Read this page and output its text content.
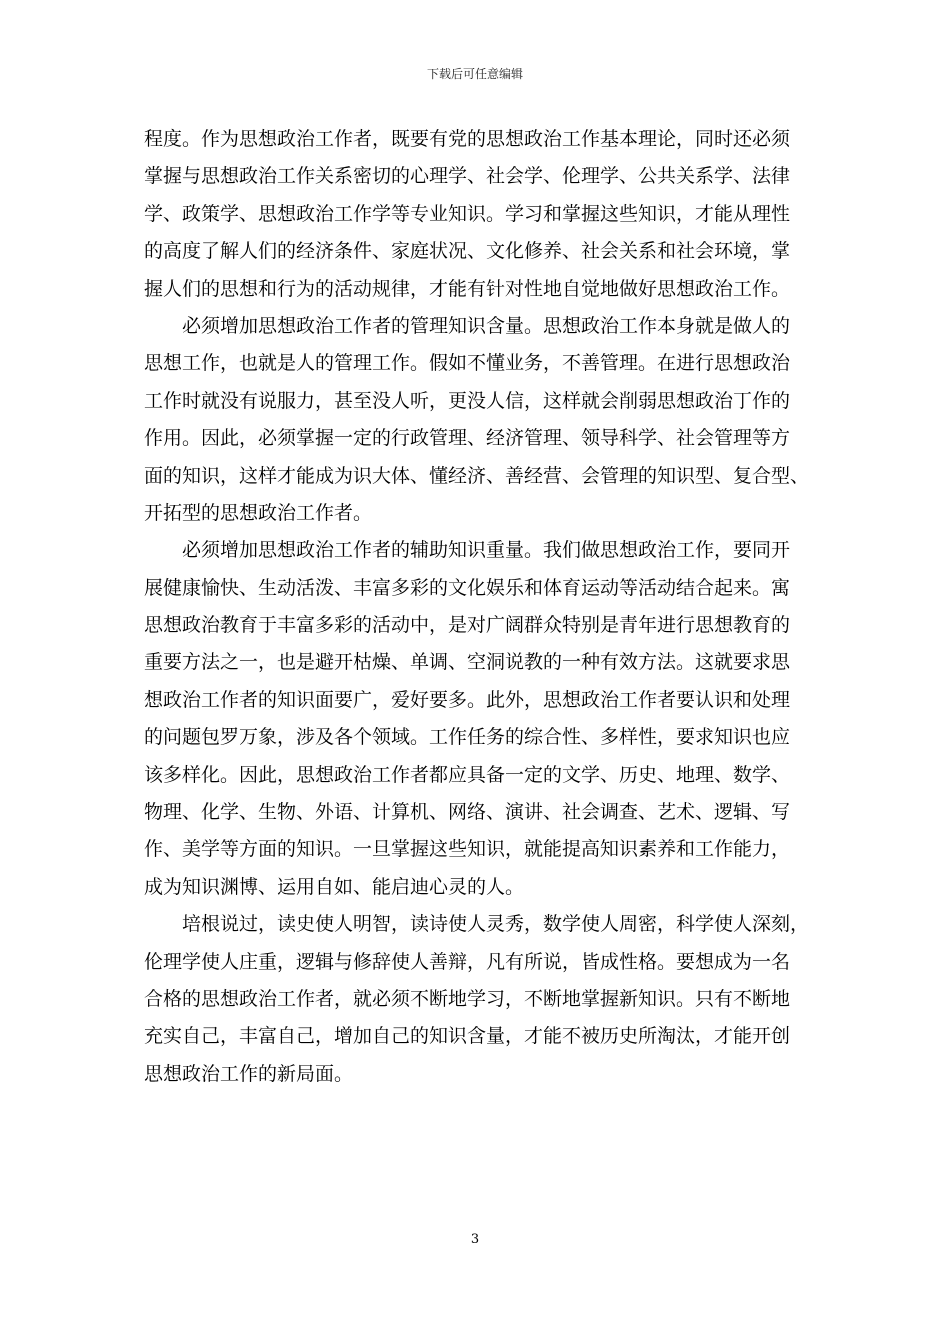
下载后可任意编辑
程度。作为思想政治工作者，既要有党的思想政治工作基本理论，同时还必须
掌握与思想政治工作关系密切的心理学、社会学、伦理学、公共关系学、法律
学、政策学、思想政治工作学等专业知识。学习和掌握这些知识，才能从理性
的高度了解人们的经济条件、家庭状况、文化修养、社会关系和社会环境，掌
握人们的思想和行为的活动规律，才能有针对性地自觉地做好思想政治工作。
　　必须增加思想政治工作者的管理知识含量。思想政治工作本身就是做人的
思想工作，也就是人的管理工作。假如不懂业务，不善管理。在进行思想政治
工作时就没有说服力，甚至没人听，更没人信，这样就会削弱思想政治丁作的
作用。因此，必须掌握一定的行政管理、经济管理、领导科学、社会管理等方
面的知识，这样才能成为识大体、懂经济、善经营、会管理的知识型、复合型、
开拓型的思想政治工作者。
　　必须增加思想政治工作者的辅助知识重量。我们做思想政治工作，要同开
展健康愉快、生动活泼、丰富多彩的文化娱乐和体育运动等活动结合起来。寓
思想政治教育于丰富多彩的活动中，是对广阔群众特别是青年进行思想教育的
重要方法之一，也是避开枯燥、单调、空洞说教的一种有效方法。这就要求思
想政治工作者的知识面要广，爱好要多。此外，思想政治工作者要认识和处理
的问题包罗万象，涉及各个领域。工作任务的综合性、多样性，要求知识也应
该多样化。因此，思想政治工作者都应具备一定的文学、历史、地理、数学、
物理、化学、生物、外语、计算机、网络、演讲、社会调查、艺术、逻辑、写
作、美学等方面的知识。一旦掌握这些知识，就能提高知识素养和工作能力，
成为知识渊博、运用自如、能启迪心灵的人。
　　培根说过，读史使人明智，读诗使人灵秀，数学使人周密，科学使人深刻，
伦理学使人庄重，逻辑与修辞使人善辩，凡有所说，皆成性格。要想成为一名
合格的思想政治工作者，就必须不断地学习，不断地掌握新知识。只有不断地
充实自己，丰富自己，增加自己的知识含量，才能不被历史所淘汰，才能开创
思想政治工作的新局面。
3
